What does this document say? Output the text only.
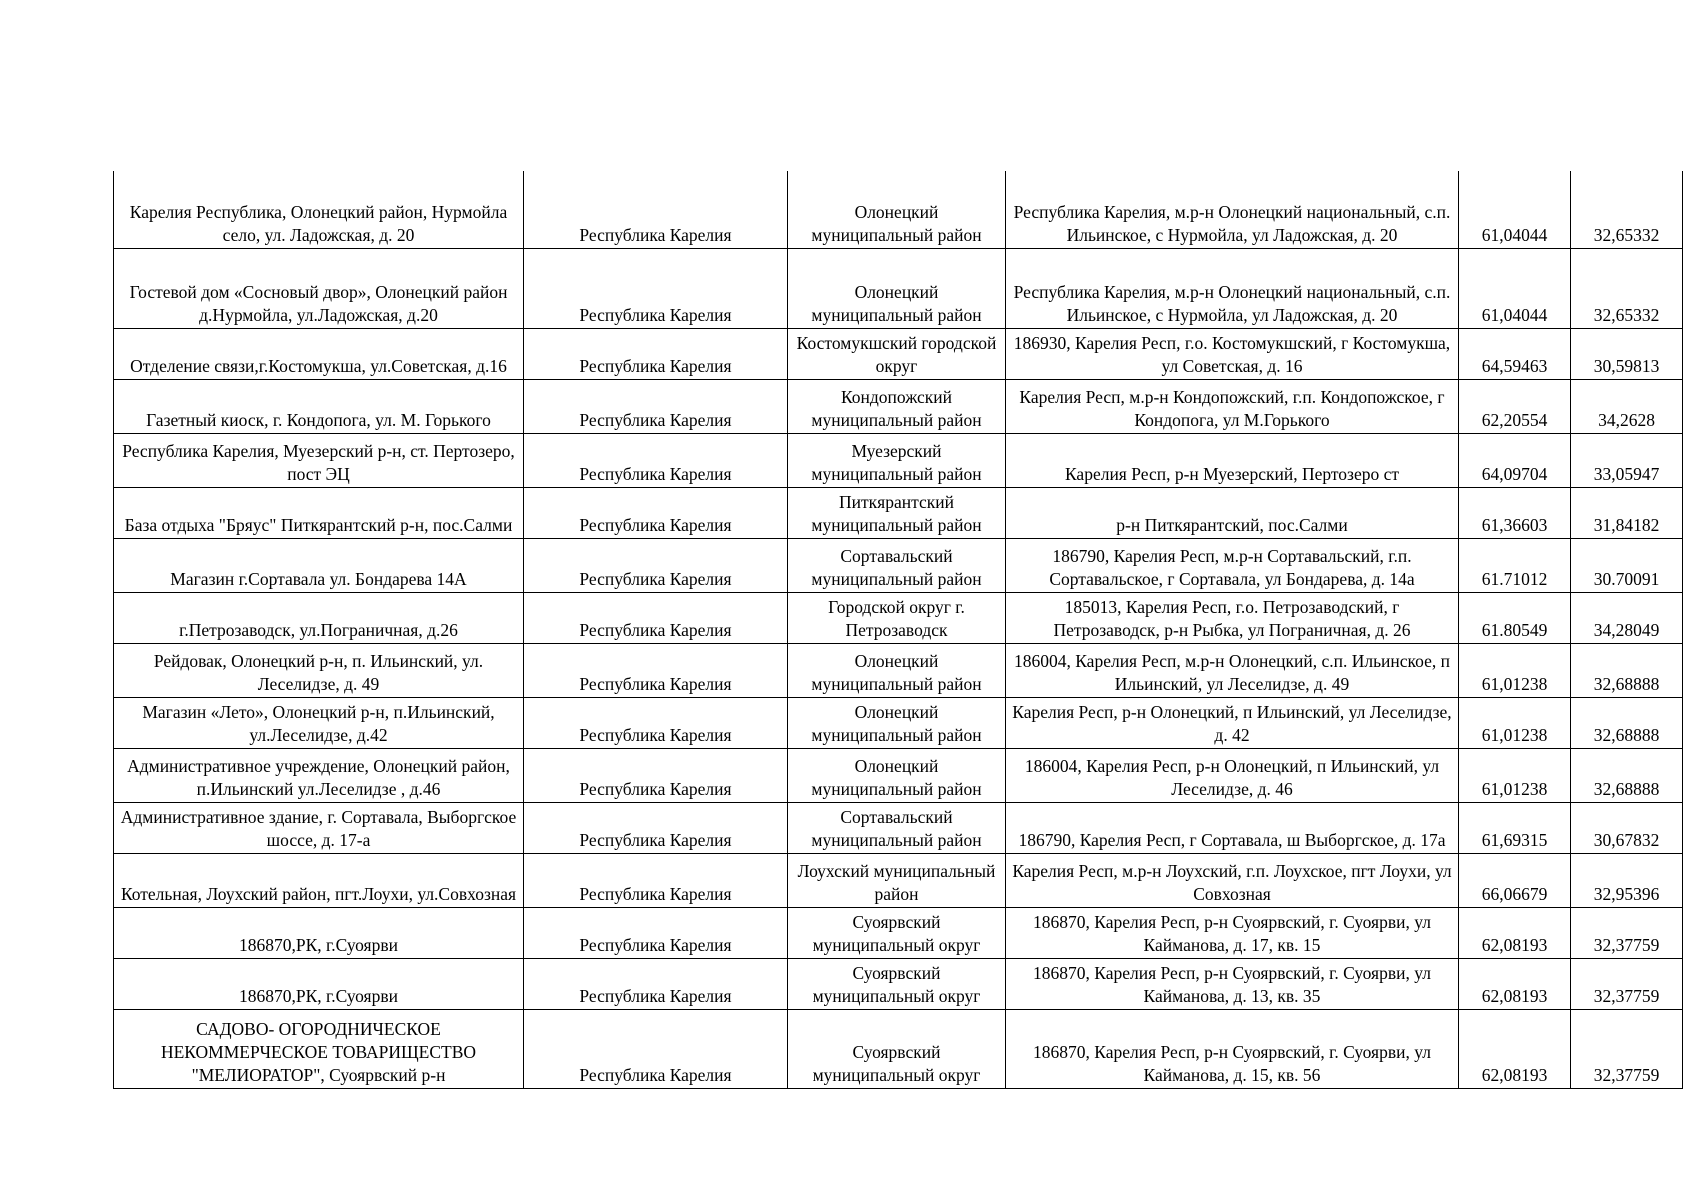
Карелия Республика, Олонецкий район, Нурмойла село, ул. Ладожская, д. 20	Республика Карелия	Олонецкий муниципальный район	Республика Карелия, м.р-н Олонецкий национальный, с.п. Ильинское, с Нурмойла, ул Ладожская, д. 20	61,04044	32,65332
Гостевой дом «Сосновый двор», Олонецкий район д.Нурмойла, ул.Ладожская, д.20	Республика Карелия	Олонецкий муниципальный район	Республика Карелия, м.р-н Олонецкий национальный, с.п. Ильинское, с Нурмойла, ул Ладожская, д. 20	61,04044	32,65332
Отделение связи,г.Костомукша, ул.Советская, д.16	Республика Карелия	Костомукшский городской округ	186930, Карелия Респ, г.о. Костомукшский, г Костомукша, ул Советская, д. 16	64,59463	30,59813
Газетный киоск, г. Кондопога, ул. М. Горького	Республика Карелия	Кондопожский муниципальный район	Карелия Респ, м.р-н Кондопожский, г.п. Кондопожское, г Кондопога, ул М.Горького	62,20554	34,2628
Республика Карелия, Муезерский р-н, ст. Пертозеро, пост ЭЦ	Республика Карелия	Муезерский муниципальный район	Карелия Респ, р-н Муезерский, Пертозеро ст	64,09704	33,05947
База отдыха "Бряус" Питкярантский р-н, пос.Салми	Республика Карелия	Питкярантский муниципальный район	р-н Питкярантский, пос.Салми	61,36603	31,84182
Магазин г.Сортавала ул. Бондарева 14А	Республика Карелия	Сортавальский муниципальный район	186790, Карелия Респ, м.р-н Сортавальский, г.п. Сортавальское, г Сортавала, ул Бондарева, д. 14а	61.71012	30.70091
г.Петрозаводск, ул.Пограничная, д.26	Республика Карелия	Городской округ г. Петрозаводск	185013, Карелия Респ, г.о. Петрозаводский, г Петрозаводск, р-н Рыбка, ул Пограничная, д. 26	61.80549	34,28049
Рейдовак, Олонецкий р-н, п. Ильинский, ул. Леселидзе, д. 49	Республика Карелия	Олонецкий муниципальный район	186004, Карелия Респ, м.р-н Олонецкий, с.п. Ильинское, п Ильинский, ул Леселидзе, д. 49	61,01238	32,68888
Магазин «Лето», Олонецкий р-н, п.Ильинский, ул.Леселидзе, д.42	Республика Карелия	Олонецкий муниципальный район	Карелия Респ, р-н Олонецкий, п Ильинский, ул Леселидзе, д. 42	61,01238	32,68888
Административное учреждение, Олонецкий район, п.Ильинский ул.Леселидзе , д.46	Республика Карелия	Олонецкий муниципальный район	186004, Карелия Респ, р-н Олонецкий, п Ильинский, ул Леселидзе, д. 46	61,01238	32,68888
Административное здание, г. Сортавала, Выборгское шоссе, д. 17-а	Республика Карелия	Сортавальский муниципальный район	186790, Карелия Респ, г Сортавала, ш Выборгское, д. 17а	61,69315	30,67832
Котельная, Лоухский район, пгт.Лоухи, ул.Совхозная	Республика Карелия	Лоухский муниципальный район	Карелия Респ, м.р-н Лоухский, г.п. Лоухское, пгт Лоухи, ул Совхозная	66,06679	32,95396
186870,РК, г.Суоярви	Республика Карелия	Суоярвский муниципальный округ	186870, Карелия Респ, р-н Суоярвский, г. Суоярви, ул Кайманова, д. 17, кв. 15	62,08193	32,37759
186870,РК, г.Суоярви	Республика Карелия	Суоярвский муниципальный округ	186870, Карелия Респ, р-н Суоярвский, г. Суоярви, ул Кайманова, д. 13, кв. 35	62,08193	32,37759
САДОВО- ОГОРОДНИЧЕСКОЕ НЕКОММЕРЧЕСКОЕ ТОВАРИЩЕСТВО "МЕЛИОРАТОР", Суоярвский р-н	Республика Карелия	Суоярвский муниципальный округ	186870, Карелия Респ, р-н Суоярвский, г. Суоярви, ул Кайманова, д. 15, кв. 56	62,08193	32,37759
